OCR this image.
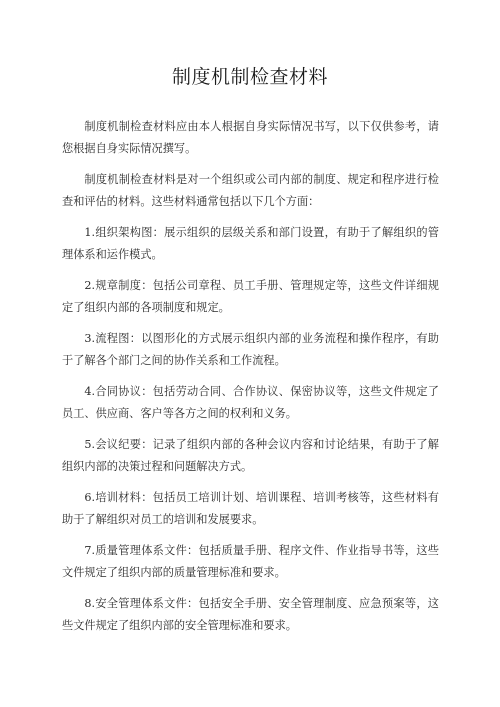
制度机制检查材料

制度机制检查材料应由本人根据自身实际情况书写，以下仅供参考，请您根据自身实际情况撰写。

制度机制检查材料是对一个组织或公司内部的制度、规定和程序进行检查和评估的材料。这些材料通常包括以下几个方面：

1.组织架构图：展示组织的层级关系和部门设置，有助于了解组织的管理体系和运作模式。

2.规章制度：包括公司章程、员工手册、管理规定等，这些文件详细规定了组织内部的各项制度和规定。

3.流程图：以图形化的方式展示组织内部的业务流程和操作程序，有助于了解各个部门之间的协作关系和工作流程。

4.合同协议：包括劳动合同、合作协议、保密协议等，这些文件规定了员工、供应商、客户等各方之间的权利和义务。

5.会议纪要：记录了组织内部的各种会议内容和讨论结果，有助于了解组织内部的决策过程和问题解决方式。

6.培训材料：包括员工培训计划、培训课程、培训考核等，这些材料有助于了解组织对员工的培训和发展要求。

7.质量管理体系文件：包括质量手册、程序文件、作业指导书等，这些文件规定了组织内部的质量管理标准和要求。

8.安全管理体系文件：包括安全手册、安全管理制度、应急预案等，这些文件规定了组织内部的安全管理标准和要求。
